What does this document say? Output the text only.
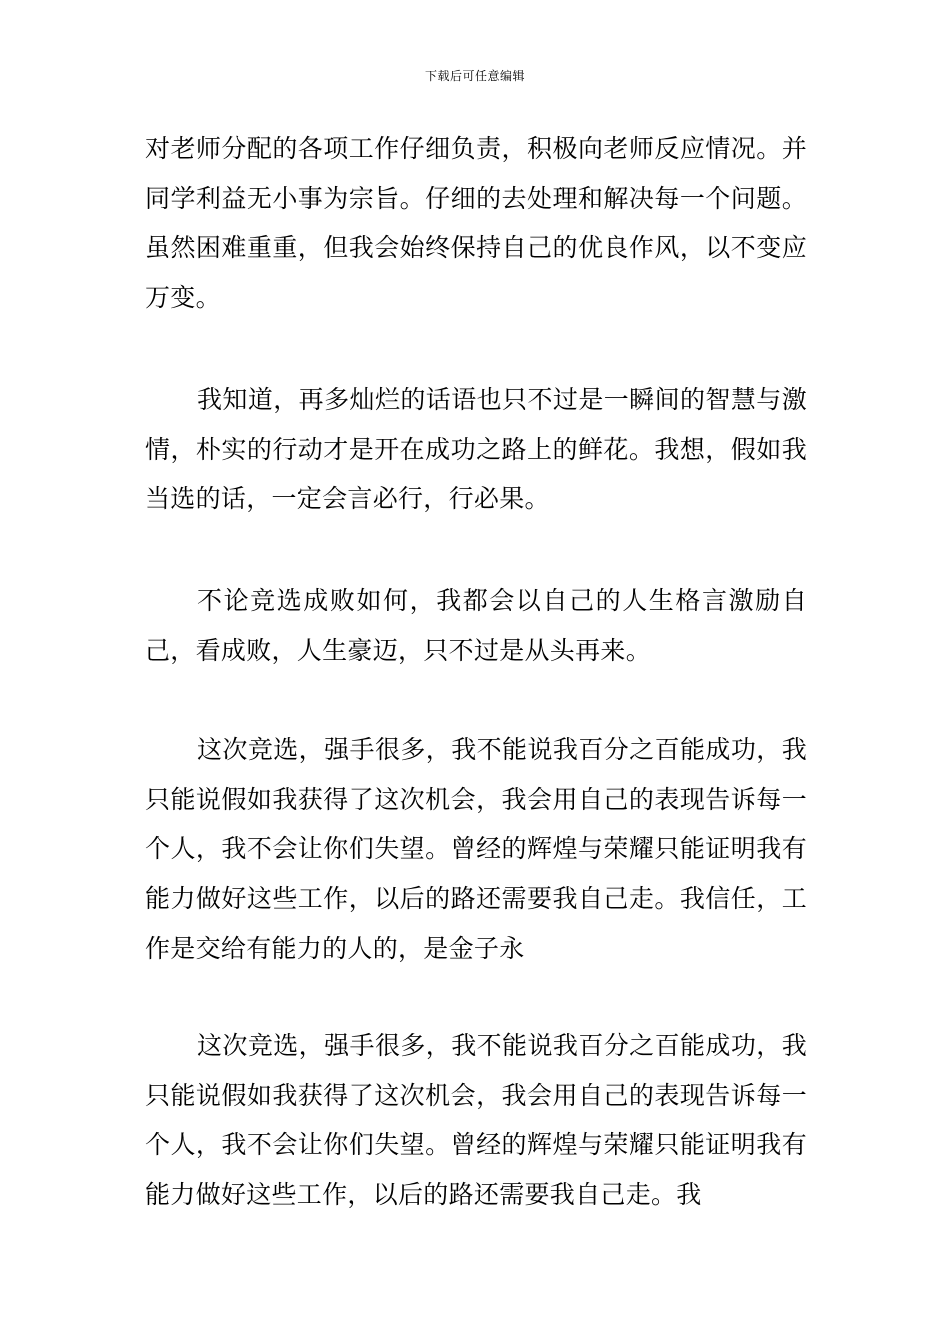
下载后可任意编辑

对老师分配的各项工作仔细负责，积极向老师反应情况。并同学利益无小事为宗旨。仔细的去处理和解决每一个问题。虽然困难重重，但我会始终保持自己的优良作风，以不变应万变。

我知道，再多灿烂的话语也只不过是一瞬间的智慧与激情，朴实的行动才是开在成功之路上的鲜花。我想，假如我当选的话，一定会言必行，行必果。

不论竞选成败如何，我都会以自己的人生格言激励自己，看成败，人生豪迈，只不过是从头再来。

这次竞选，强手很多，我不能说我百分之百能成功，我只能说假如我获得了这次机会，我会用自己的表现告诉每一个人，我不会让你们失望。曾经的辉煌与荣耀只能证明我有能力做好这些工作，以后的路还需要我自己走。我信任，工作是交给有能力的人的，是金子永

这次竞选，强手很多，我不能说我百分之百能成功，我只能说假如我获得了这次机会，我会用自己的表现告诉每一个人，我不会让你们失望。曾经的辉煌与荣耀只能证明我有能力做好这些工作，以后的路还需要我自己走。我
